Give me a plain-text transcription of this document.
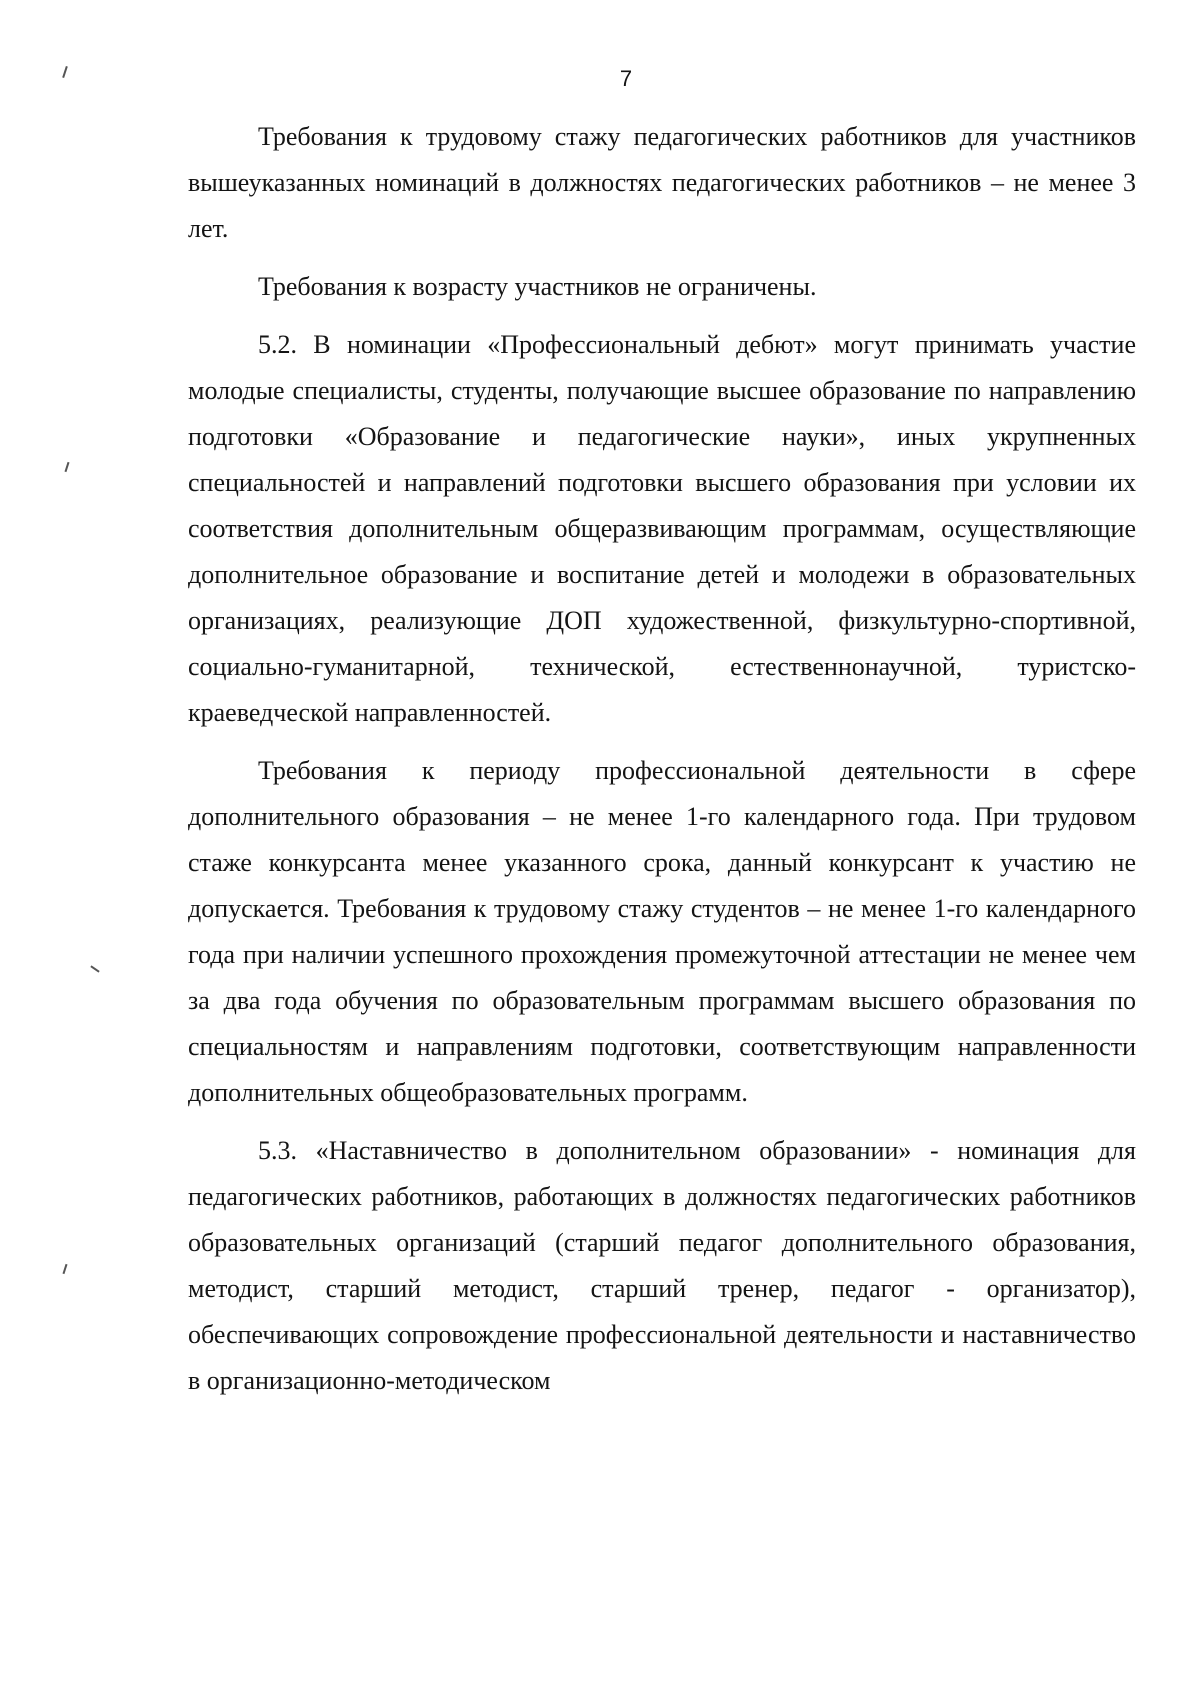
7

Требования к трудовому стажу педагогических работников для участников вышеуказанных номинаций в должностях педагогических работников – не менее 3 лет.

Требования к возрасту участников не ограничены.

5.2. В номинации «Профессиональный дебют» могут принимать участие молодые специалисты, студенты, получающие высшее образование по направлению подготовки «Образование и педагогические науки», иных укрупненных специальностей и направлений подготовки высшего образования при условии их соответствия дополнительным общеразвивающим программам, осуществляющие дополнительное образование и воспитание детей и молодежи в образовательных организациях, реализующие ДОП художественной, физкультурно-спортивной, социально-гуманитарной, технической, естественнонаучной, туристско-краеведческой направленностей.

Требования к периоду профессиональной деятельности в сфере дополнительного образования – не менее 1-го календарного года. При трудовом стаже конкурсанта менее указанного срока, данный конкурсант к участию не допускается. Требования к трудовому стажу студентов – не менее 1-го календарного года при наличии успешного прохождения промежуточной аттестации не менее чем за два года обучения по образовательным программам высшего образования по специальностям и направлениям подготовки, соответствующим направленности дополнительных общеобразовательных программ.

5.3. «Наставничество в дополнительном образовании» - номинация для педагогических работников, работающих в должностях педагогических работников образовательных организаций (старший педагог дополнительного образования, методист, старший методист, старший тренер, педагог - организатор), обеспечивающих сопровождение профессиональной деятельности и наставничество в организационно-методическом
